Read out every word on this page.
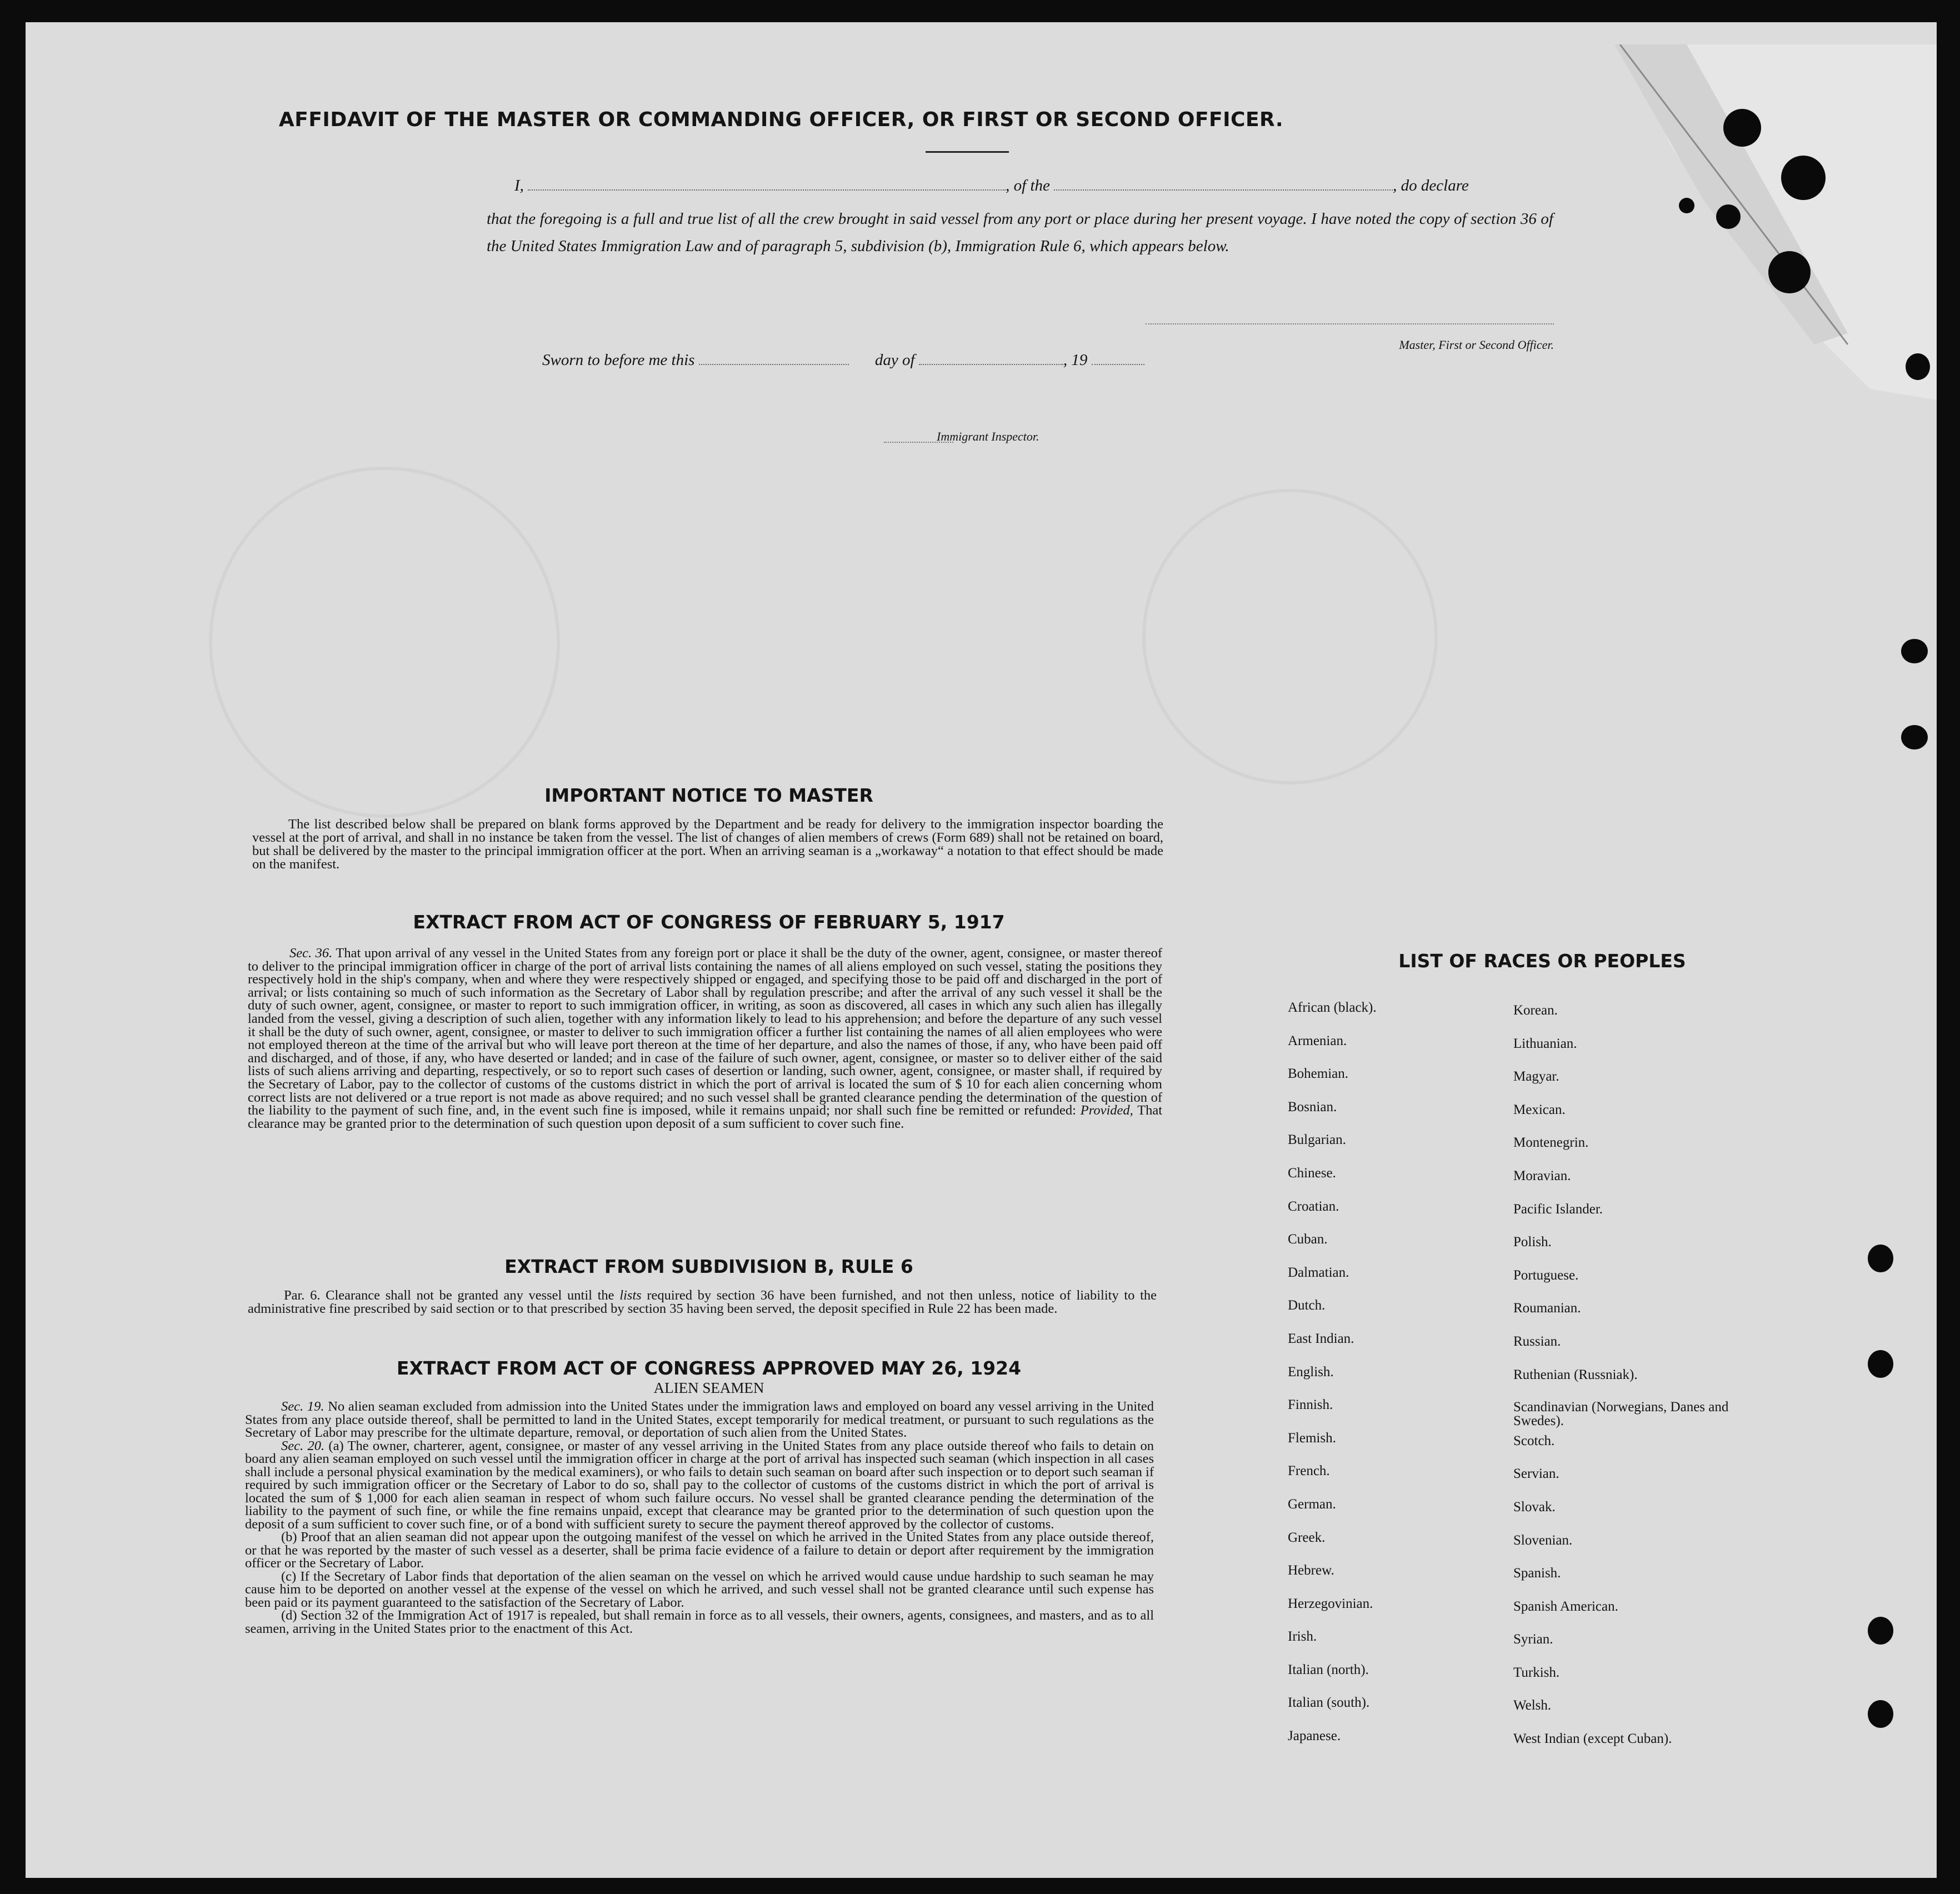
AFFIDAVIT OF THE MASTER OR COMMANDING OFFICER, OR FIRST OR SECOND OFFICER.
I,	, of the	, do declare

that the foregoing is a full and true list of all the crew brought in said vessel from any port or place during her present voyage. I have noted the copy of section 36 of the United States Immigration Law and of paragraph 5, subdivision (b), Immigration Rule 6, which appears below.

Master, First or Second Officer.
Sworn to before me this	day of	, 19
Immigrant Inspector.
IMPORTANT NOTICE TO MASTER

The list described below shall be prepared on blank forms approved by the Department and be ready for delivery to the immigration inspector boarding the vessel at the port of arrival, and shall in no instance be taken from the vessel. The list of changes of alien members of crews (Form 689) shall not be retained on board, but shall be delivered by the master to the principal immigration officer at the port. When an arriving seaman is a „workaway“ a notation to that effect should be made on the manifest.

EXTRACT FROM ACT OF CONGRESS OF FEBRUARY 5, 1917

Sec. 36. That upon arrival of any vessel in the United States from any foreign port or place it shall be the duty of the owner, agent, consignee, or master thereof to deliver to the principal immigration officer in charge of the port of arrival lists containing the names of all aliens employed on such vessel, stating the positions they respectively hold in the ship's company, when and where they were respectively shipped or engaged, and specifying those to be paid off and discharged in the port of arrival; or lists containing so much of such information as the Secretary of Labor shall by regulation prescribe; and after the arrival of any such vessel it shall be the duty of such owner, agent, consignee, or master to report to such immigration officer, in writing, as soon as discovered, all cases in which any such alien has illegally landed from the vessel, giving a description of such alien, together with any information likely to lead to his apprehension; and before the departure of any such vessel it shall be the duty of such owner, agent, consignee, or master to deliver to such immigration officer a further list containing the names of all alien employees who were not employed thereon at the time of the arrival but who will leave port thereon at the time of her departure, and also the names of those, if any, who have been paid off and discharged, and of those, if any, who have deserted or landed; and in case of the failure of such owner, agent, consignee, or master so to deliver either of the said lists of such aliens arriving and departing, respectively, or so to report such cases of desertion or landing, such owner, agent, consignee, or master shall, if required by the Secretary of Labor, pay to the collector of customs of the customs district in which the port of arrival is located the sum of $ 10 for each alien concerning whom correct lists are not delivered or a true report is not made as above required; and no such vessel shall be granted clearance pending the determination of the question of the liability to the payment of such fine, and, in the event such fine is imposed, while it remains unpaid; nor shall such fine be remitted or refunded: Provided, That clearance may be granted prior to the determination of such question upon deposit of a sum sufficient to cover such fine.

EXTRACT FROM SUBDIVISION B, RULE 6

Par. 6. Clearance shall not be granted any vessel until the lists required by section 36 have been furnished, and not then unless, notice of liability to the administrative fine prescribed by said section or to that prescribed by section 35 having been served, the deposit specified in Rule 22 has been made.

EXTRACT FROM ACT OF CONGRESS APPROVED MAY 26, 1924
ALIEN SEAMEN

Sec. 19. No alien seaman excluded from admission into the United States under the immigration laws and employed on board any vessel arriving in the United States from any place outside thereof, shall be permitted to land in the United States, except temporarily for medical treatment, or pursuant to such regulations as the Secretary of Labor may prescribe for the ultimate departure, removal, or deportation of such alien from the United States.

Sec. 20. (a) The owner, charterer, agent, consignee, or master of any vessel arriving in the United States from any place outside thereof who fails to detain on board any alien seaman employed on such vessel until the immigration officer in charge at the port of arrival has inspected such seaman (which inspection in all cases shall include a personal physical examination by the medical examiners), or who fails to detain such seaman on board after such inspection or to deport such seaman if required by such immigration officer or the Secretary of Labor to do so, shall pay to the collector of customs of the customs district in which the port of arrival is located the sum of $ 1,000 for each alien seaman in respect of whom such failure occurs. No vessel shall be granted clearance pending the determination of the liability to the payment of such fine, or while the fine remains unpaid, except that clearance may be granted prior to the determination of such question upon the deposit of a sum sufficient to cover such fine, or of a bond with sufficient surety to secure the payment thereof approved by the collector of customs.

(b) Proof that an alien seaman did not appear upon the outgoing manifest of the vessel on which he arrived in the United States from any place outside thereof, or that he was reported by the master of such vessel as a deserter, shall be prima facie evidence of a failure to detain or deport after requirement by the immigration officer or the Secretary of Labor.

(c) If the Secretary of Labor finds that deportation of the alien seaman on the vessel on which he arrived would cause undue hardship to such seaman he may cause him to be deported on another vessel at the expense of the vessel on which he arrived, and such vessel shall not be granted clearance until such expense has been paid or its payment guaranteed to the satisfaction of the Secretary of Labor.

(d) Section 32 of the Immigration Act of 1917 is repealed, but shall remain in force as to all vessels, their owners, agents, consignees, and masters, and as to all seamen, arriving in the United States prior to the enactment of this Act.

LIST OF RACES OR PEOPLES
African (black).
Armenian.
Bohemian.
Bosnian.
Bulgarian.
Chinese.
Croatian.
Cuban.
Dalmatian.
Dutch.
East Indian.
English.
Finnish.
Flemish.
French.
German.
Greek.
Hebrew.
Herzegovinian.
Irish.
Italian (north).
Italian (south).
Japanese.
Korean.
Lithuanian.
Magyar.
Mexican.
Montenegrin.
Moravian.
Pacific Islander.
Polish.
Portuguese.
Roumanian.
Russian.
Ruthenian (Russniak).
Scandinavian (Norwegians, Danes and Swedes).
Scotch.
Servian.
Slovak.
Slovenian.
Spanish.
Spanish American.
Syrian.
Turkish.
Welsh.
West Indian (except Cuban).
